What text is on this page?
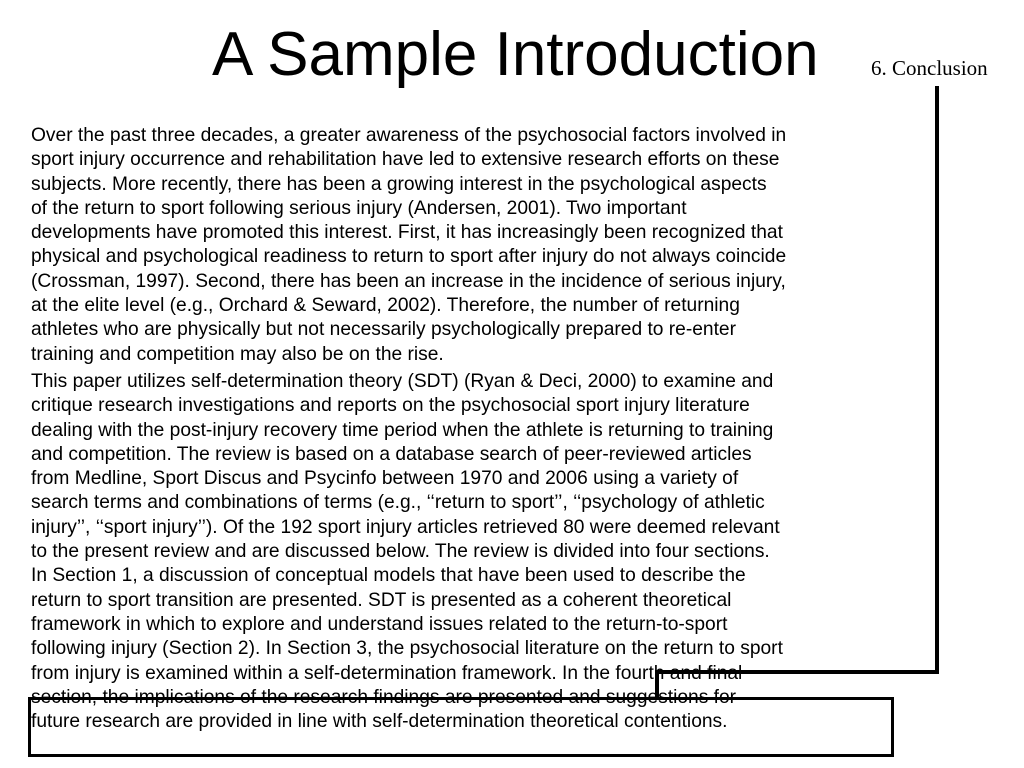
A Sample Introduction 6. Conclusion

Over the past three decades, a greater awareness of the psychosocial factors involved in
sport injury occurrence and rehabilitation have led to extensive research efforts on these
subjects. More recently, there has been a growing interest in the psychological aspects
of the return to sport following serious injury (Andersen, 2001). Two important
developments have promoted this interest. First, it has increasingly been recognized that
physical and psychological readiness to return to sport after injury do not always coincide
(Crossman, 1997). Second, there has been an increase in the incidence of serious injury,
at the elite level (e.g., Orchard & Seward, 2002). Therefore, the number of returning
athletes who are physically but not necessarily psychologically prepared to re-enter
training and competition may also be on the rise.

This paper utilizes self-determination theory (SDT) (Ryan & Deci, 2000) to examine and
critique research investigations and reports on the psychosocial sport injury literature
dealing with the post-injury recovery time period when the athlete is returning to training
and competition. The review is based on a database search of peer-reviewed articles
from Medline, Sport Discus and Psycinfo between 1970 and 2006 using a variety of
search terms and combinations of terms (e.g., ‘‘return to sport’’, ‘‘psychology of athletic
injury’’, ‘‘sport injury’’). Of the 192 sport injury articles retrieved 80 were deemed relevant
to the present review and are discussed below. The review is divided into four sections.
In Section 1, a discussion of conceptual models that have been used to describe the
return to sport transition are presented. SDT is presented as a coherent theoretical
framework in which to explore and understand issues related to the return-to-sport
following injury (Section 2). In Section 3, the psychosocial literature on the return to sport
from injury is examined within a self-determination framework. In the fourth and final
section, the implications of the research findings are presented and suggestions for
future research are provided in line with self-determination theoretical contentions.
